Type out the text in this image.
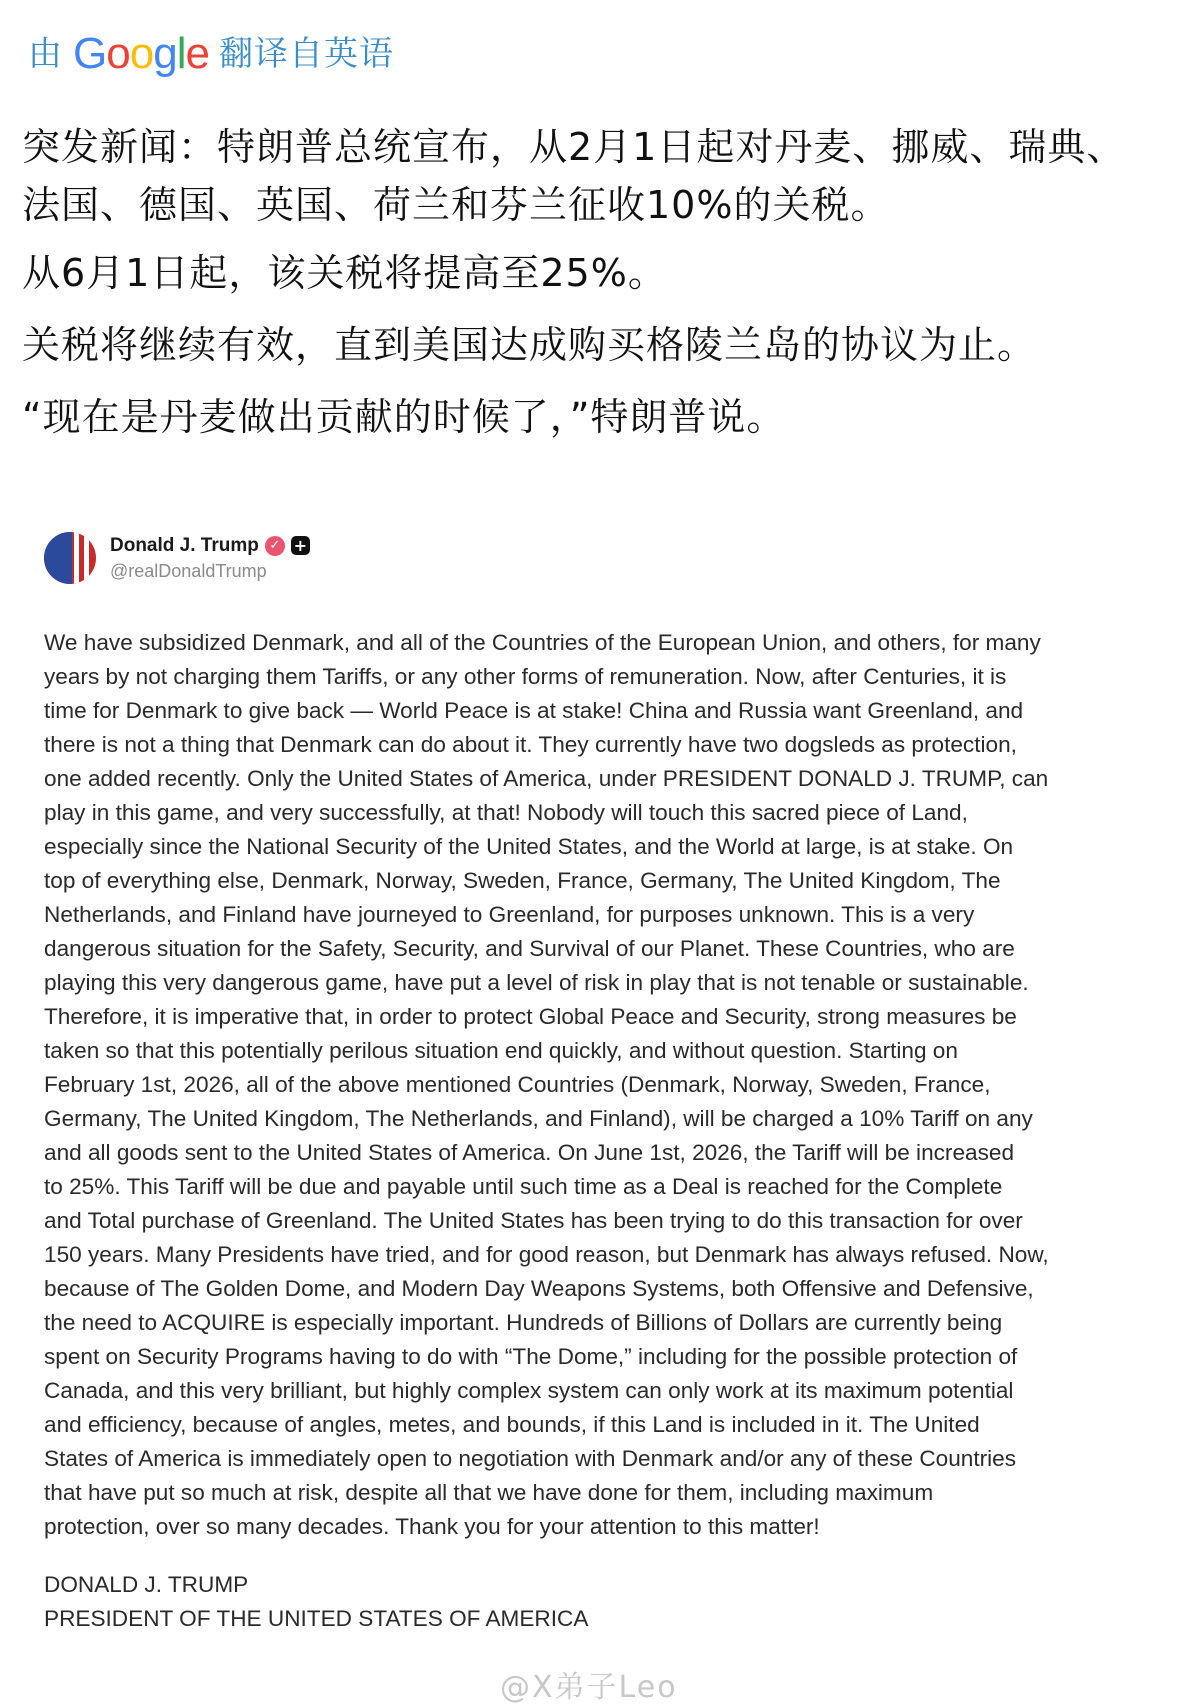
由 Google 翻译自英语

突发新闻：特朗普总统宣布，从2月1日起对丹麦、挪威、瑞典、法国、德国、英国、荷兰和芬兰征收10%的关税。

从6月1日起，该关税将提高至25%。

关税将继续有效，直到美国达成购买格陵兰岛的协议为止。

“现在是丹麦做出贡献的时候了，”特朗普说。

Donald J. Trump ✓ +
@realDonaldTrump
We have subsidized Denmark, and all of the Countries of the European Union, and others, for many
years by not charging them Tariffs, or any other forms of remuneration. Now, after Centuries, it is
time for Denmark to give back — World Peace is at stake! China and Russia want Greenland, and
there is not a thing that Denmark can do about it. They currently have two dogsleds as protection,
one added recently. Only the United States of America, under PRESIDENT DONALD J. TRUMP, can
play in this game, and very successfully, at that! Nobody will touch this sacred piece of Land,
especially since the National Security of the United States, and the World at large, is at stake. On
top of everything else, Denmark, Norway, Sweden, France, Germany, The United Kingdom, The
Netherlands, and Finland have journeyed to Greenland, for purposes unknown. This is a very
dangerous situation for the Safety, Security, and Survival of our Planet. These Countries, who are
playing this very dangerous game, have put a level of risk in play that is not tenable or sustainable.
Therefore, it is imperative that, in order to protect Global Peace and Security, strong measures be
taken so that this potentially perilous situation end quickly, and without question. Starting on
February 1st, 2026, all of the above mentioned Countries (Denmark, Norway, Sweden, France,
Germany, The United Kingdom, The Netherlands, and Finland), will be charged a 10% Tariff on any
and all goods sent to the United States of America. On June 1st, 2026, the Tariff will be increased
to 25%. This Tariff will be due and payable until such time as a Deal is reached for the Complete
and Total purchase of Greenland. The United States has been trying to do this transaction for over
150 years. Many Presidents have tried, and for good reason, but Denmark has always refused. Now,
because of The Golden Dome, and Modern Day Weapons Systems, both Offensive and Defensive,
the need to ACQUIRE is especially important. Hundreds of Billions of Dollars are currently being
spent on Security Programs having to do with “The Dome,” including for the possible protection of
Canada, and this very brilliant, but highly complex system can only work at its maximum potential
and efficiency, because of angles, metes, and bounds, if this Land is included in it. The United
States of America is immediately open to negotiation with Denmark and/or any of these Countries
that have put so much at risk, despite all that we have done for them, including maximum
protection, over so many decades. Thank you for your attention to this matter!
DONALD J. TRUMP
PRESIDENT OF THE UNITED STATES OF AMERICA
@X弟子Leo
